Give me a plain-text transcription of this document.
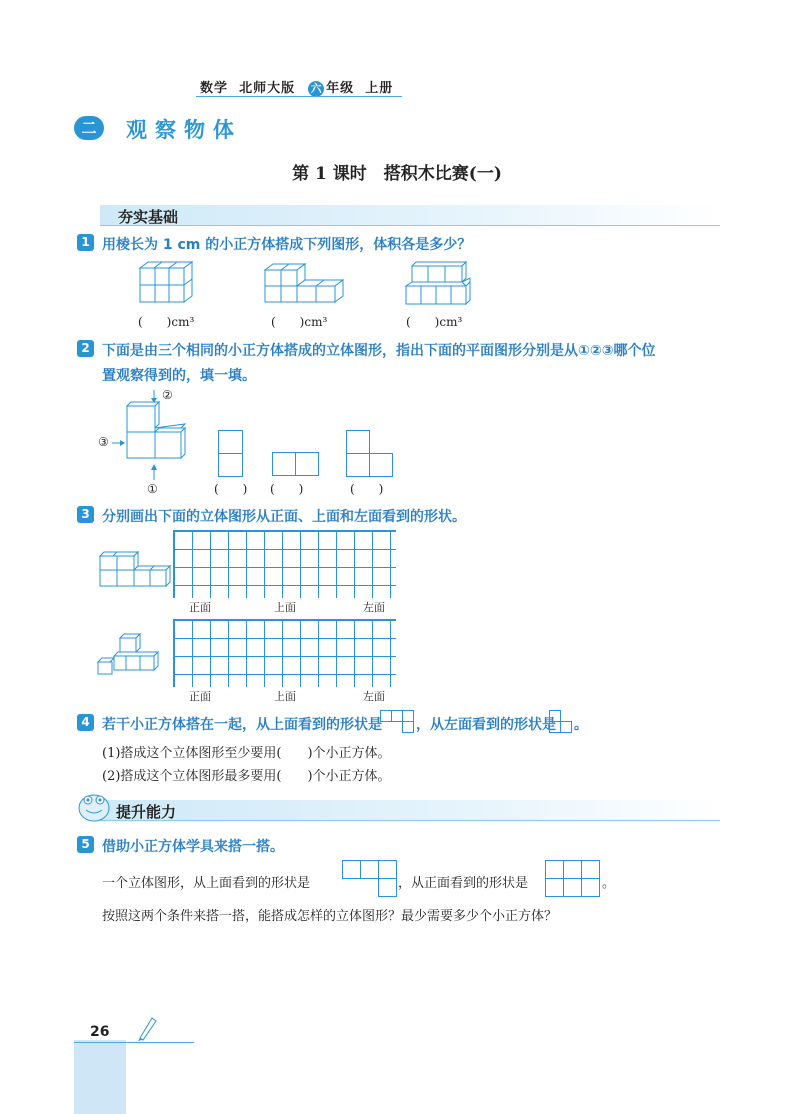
数学 北师大版 六 年级 上册
二	观察物体
第 1 课时　搭积木比赛(一)
夯实基础
1 用棱长为 1 cm 的小正方体搭成下列图形，体积各是多少？
(　　)cm³	(　　)cm³	(　　)cm³
2 下面是由三个相同的小正方体搭成的立体图形，指出下面的平面图形分别是从①②③哪个位
置观察得到的，填一填。
②
③
①	(　　) (　　)	(　　)
3 分别画出下面的立体图形从正面、上面和左面看到的形状。
正面	上面	左面
正面	上面	左面
4 若干小正方体搭在一起，从上面看到的形状是 ，从左面看到的形状是 。
(1)搭成这个立体图形至少要用(　　)个小正方体。
(2)搭成这个立体图形最多要用(　　)个小正方体。
提升能力
5 借助小正方体学具来搭一搭。
一个立体图形，从上面看到的形状是	，从正面看到的形状是	。
按照这两个条件来搭一搭，能搭成怎样的立体图形？最少需要多少个小正方体？
26
